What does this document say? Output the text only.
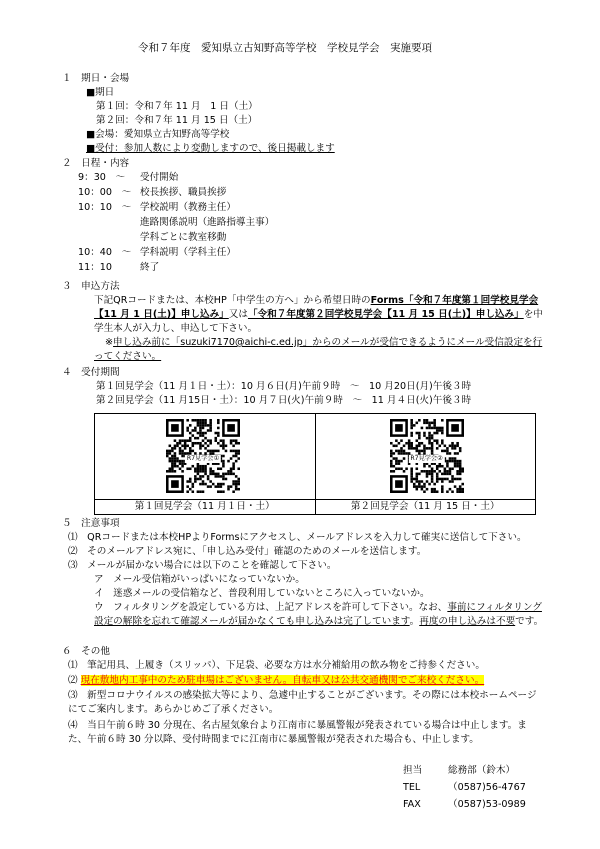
令和７年度　愛知県立古知野高等学校　学校見学会　実施要項
１　期日・会場
■期日
第１回：令和７年 11 月　1 日（土）
第２回：令和７年 11 月 15 日（土）
■会場：愛知県立古知野高等学校
■受付：参加人数により変動しますので、後日掲載します
２　日程・内容
9：30　～ 受付開始
10：00　～ 校長挨拶、職員挨拶
10：10　～ 学校説明（教務主任）
進路関係説明（進路指導主事）
学科ごとに教室移動
10：40　～ 学科説明（学科主任）
11：10	終了
３　申込方法
下記QRコードまたは、本校HP「中学生の方へ」から希望日時のForms「令和７年度第１回学校見学会【11 月 1 日(土)】申し込み」又は「令和７年度第２回学校見学会【11 月 15 日(土)】申し込み」を中学生本人が入力し、申込して下さい。
※申し込み前に「suzuki7170@aichi-c.ed.jp」からのメールが受信できるようにメール受信設定を行ってください。
４　受付期間
第１回見学会（11 月１日・土）：10 月６日(月)午前９時　～　10 月20日(月)午後３時
第２回見学会（11 月15日・土）：10 月７日(火)午前９時　～　11 月４日(火)午後３時
R7見学会①	R7見学会②

第１回見学会（11 月１日・土）	第２回見学会（11 月 15 日・土）
５　注意事項
⑴　QRコードまたは本校HPよりFormsにアクセスし、メールアドレスを入力して確実に送信して下さい。
⑵　そのメールアドレス宛に、「申し込み受付」確認のためのメールを送信します。
⑶　メールが届かない場合には以下のことを確認して下さい。
ア　メール受信箱がいっぱいになっていないか。
イ　迷惑メールの受信箱など、普段利用していないところに入っていないか。
ウ　フィルタリングを設定している方は、上記アドレスを許可して下さい。なお、事前にフィルタリング設定の解除を忘れて確認メールが届かなくても申し込みは完了しています。再度の申し込みは不要です。
６　その他
⑴　筆記用具、上履き（スリッパ）、下足袋、必要な方は水分補給用の飲み物をご持参ください。
⑵ 現在敷地内工事中のため駐車場はございません。自転車又は公共交通機関でご来校ください。
⑶　新型コロナウイルスの感染拡大等により、急遽中止することがございます。その際には本校ホームページにてご案内します。あらかじめご了承ください。
⑷　当日午前６時 30 分現在、名古屋気象台より江南市に暴風警報が発表されている場合は中止します。また、午前６時 30 分以降、受付時間までに江南市に暴風警報が発表された場合も、中止します。
担当	総務部（鈴木）
TEL	（0587)56-4767
FAX	（0587)53-0989
